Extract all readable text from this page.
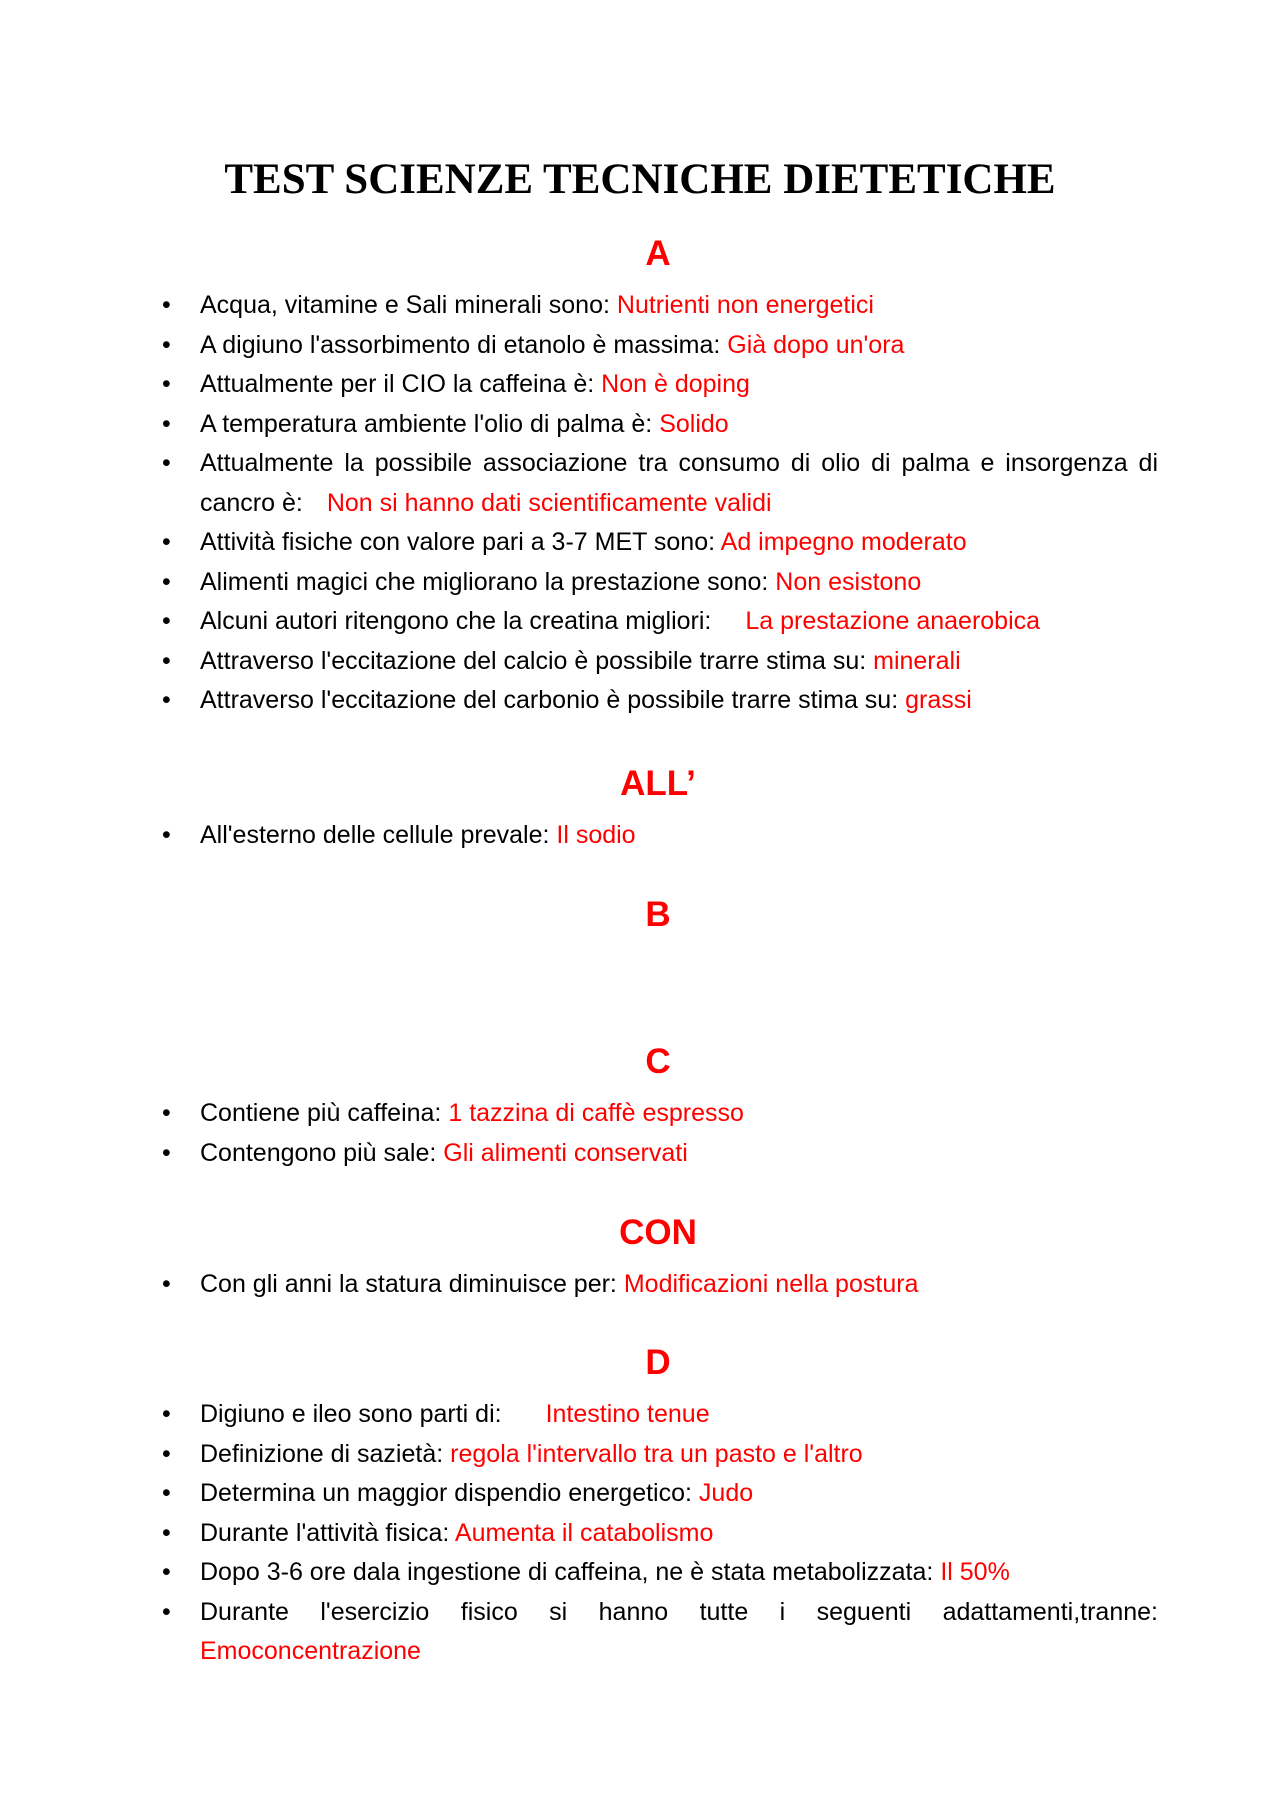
TEST SCIENZE TECNICHE DIETETICHE
A
• Acqua, vitamine e Sali minerali sono: Nutrienti non energetici
• A digiuno l'assorbimento di etanolo è massima: Già dopo un'ora
• Attualmente per il CIO la caffeina è: Non è doping
• A temperatura ambiente l'olio di palma è: Solido
• Attualmente la possibile associazione tra consumo di olio di palma e insorgenza di cancro è: Non si hanno dati scientificamente validi
• Attività fisiche con valore pari a 3-7 MET sono: Ad impegno moderato
• Alimenti magici che migliorano la prestazione sono: Non esistono
• Alcuni autori ritengono che la creatina migliori: La prestazione anaerobica
• Attraverso l'eccitazione del calcio è possibile trarre stima su: minerali
• Attraverso l'eccitazione del carbonio è possibile trarre stima su: grassi
ALL’
• All'esterno delle cellule prevale: Il sodio
B
C
• Contiene più caffeina: 1 tazzina di caffè espresso
• Contengono più sale: Gli alimenti conservati
CON
• Con gli anni la statura diminuisce per: Modificazioni nella postura
D
• Digiuno e ileo sono parti di: Intestino tenue
• Definizione di sazietà: regola l'intervallo tra un pasto e l'altro
• Determina un maggior dispendio energetico: Judo
• Durante l'attività fisica: Aumenta il catabolismo
• Dopo 3-6 ore dala ingestione di caffeina, ne è stata metabolizzata: Il 50%
• Durante l'esercizio fisico si hanno tutte i seguenti adattamenti,tranne: Emoconcentrazione
